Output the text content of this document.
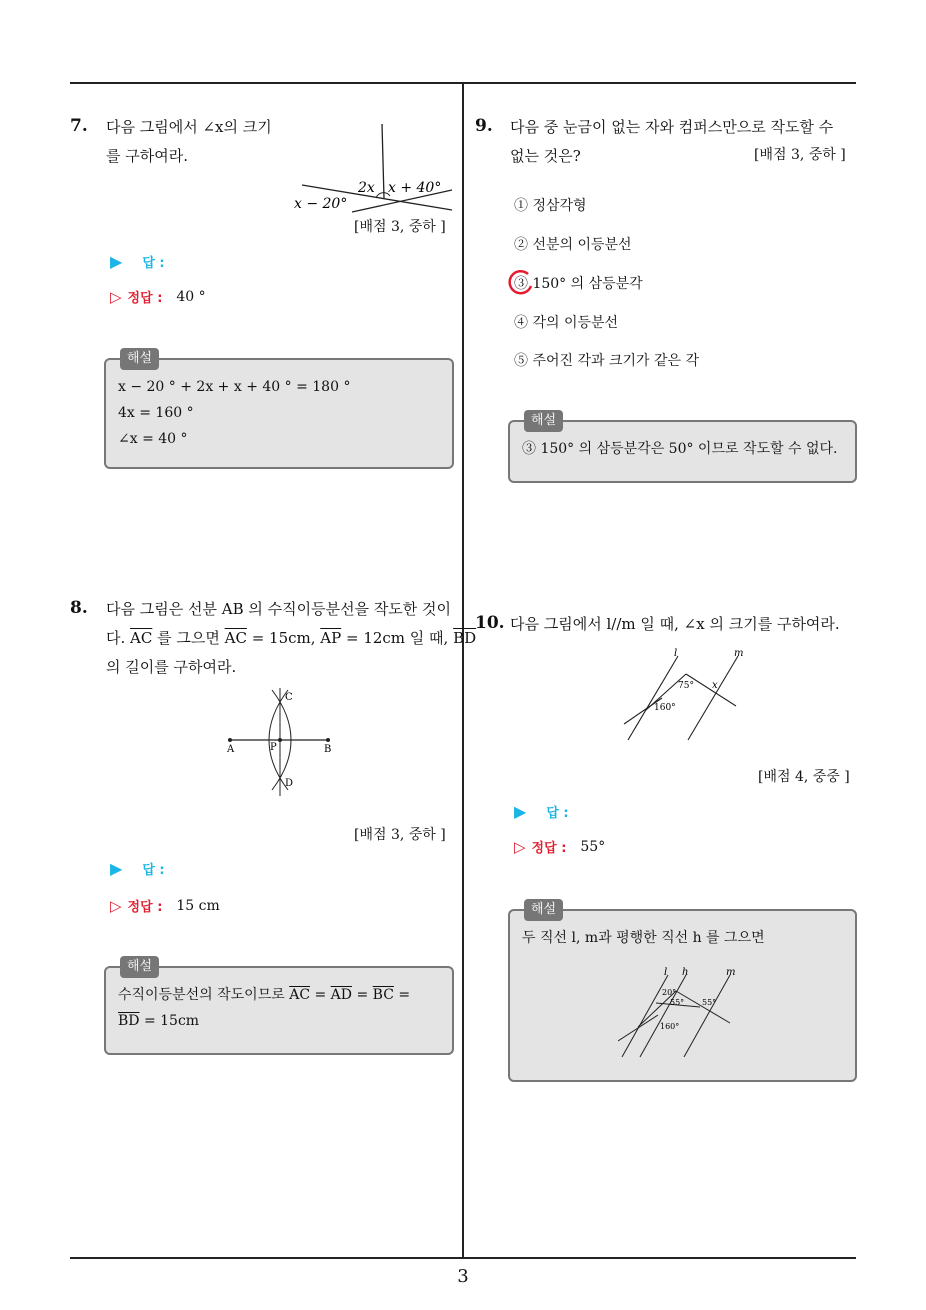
7. 다음 그림에서 ∠x의 크기
를 구하여라.
2x x + 40°
x − 20°
[배점 3, 중하 ]
▶ 답 :
▷ 정답 : 40 °
해설
x − 20 ° + 2x + x + 40 ° = 180 °
4x = 160 °
∠x = 40 °
8. 다음 그림은 선분 AB 의 수직이등분선을 작도한 것이
다. $\overline{AC}$ 를 그으면 $\overline{AC} = 15cm$, $\overline{AP} = 12cm$ 일 때, $\overline{BD}$
의 길이를 구하여라.
A	B
P
C
D
[배점 3, 중하 ]
▶ 답 :
▷ 정답 : 15 cm
해설
수직이등분선의 작도이므로 $\overline{AC} = \overline{AD} = \overline{BC}$ =
$\overline{BD} = 15cm$
9. 다음 중 눈금이 없는 자와 컴퍼스만으로 작도할 수
없는 것은?	[배점 3, 중하 ]
① 정삼각형
② 선분의 이등분선
③ 150° 의 삼등분각
④ 각의 이등분선
⑤ 주어진 각과 크기가 같은 각
해설
③ 150° 의 삼등분각은 50° 이므로 작도할 수 없다.
10. 다음 그림에서 l//m 일 때, ∠x 의 크기를 구하여라.
l	m
75° x
160°
[배점 4, 중중 ]
▶ 답 :
▷ 정답 : 55°
해설
두 직선 l, m과 평행한 직선 h 를 그으면
l h	m
20°
55° 55°
160°
3
